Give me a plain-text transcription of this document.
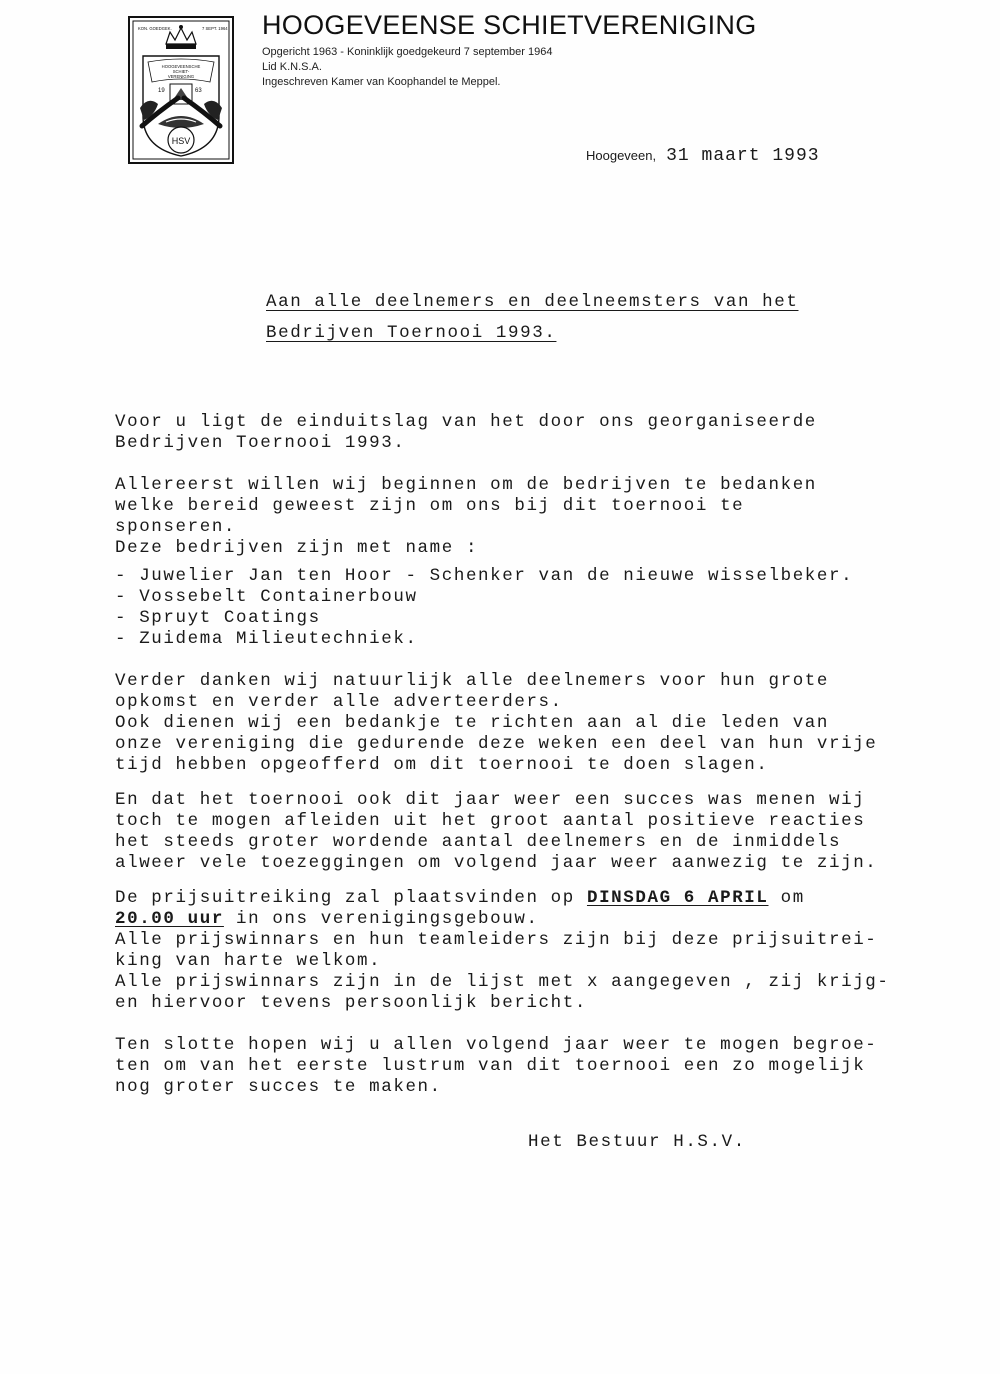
KON. GOEDGEK.	7 SEPT. 1964
HOOGEVEENSCHE
SCHIET-
VERENIGING
19	63
HSV
HOOGEVEENSE SCHIETVERENIGING
Opgericht 1963 - Koninklijk goedgekeurd 7 september 1964
Lid K.N.S.A.
Ingeschreven Kamer van Koophandel te Meppel.
Hoogeveen, 31 maart 1993
Aan alle deelnemers en deelneemsters van het
Bedrijven Toernooi 1993.

Voor u ligt de einduitslag van het door ons georganiseerde

Bedrijven Toernooi 1993.

Allereerst willen wij beginnen om de bedrijven te bedanken

welke bereid geweest zijn om ons bij dit toernooi te

sponseren.

Deze bedrijven zijn met name :

- Juwelier Jan ten Hoor - Schenker van de nieuwe wisselbeker.

- Vossebelt Containerbouw

- Spruyt Coatings

- Zuidema Milieutechniek.

Verder danken wij natuurlijk alle deelnemers voor hun grote

opkomst en verder alle adverteerders.

Ook dienen wij een bedankje te richten aan al die leden van

onze vereniging die gedurende deze weken een deel van hun vrije

tijd hebben opgeofferd om dit toernooi te doen slagen.

En dat het toernooi ook dit jaar weer een succes was menen wij

toch te mogen afleiden uit het groot aantal positieve reacties

het steeds groter wordende aantal deelnemers en de inmiddels

alweer vele toezeggingen om volgend jaar weer aanwezig te zijn.

De prijsuitreiking zal plaatsvinden op DINSDAG 6 APRIL om

20.00 uur in ons verenigingsgebouw.

Alle prijswinnars en hun teamleiders zijn bij deze prijsuitrei-

king van harte welkom.

Alle prijswinnars zijn in de lijst met x aangegeven , zij krijg-

en hiervoor tevens persoonlijk bericht.

Ten slotte hopen wij u allen volgend jaar weer te mogen begroe-

ten om van het eerste lustrum van dit toernooi een zo mogelijk

nog groter succes te maken.

Het Bestuur H.S.V.
